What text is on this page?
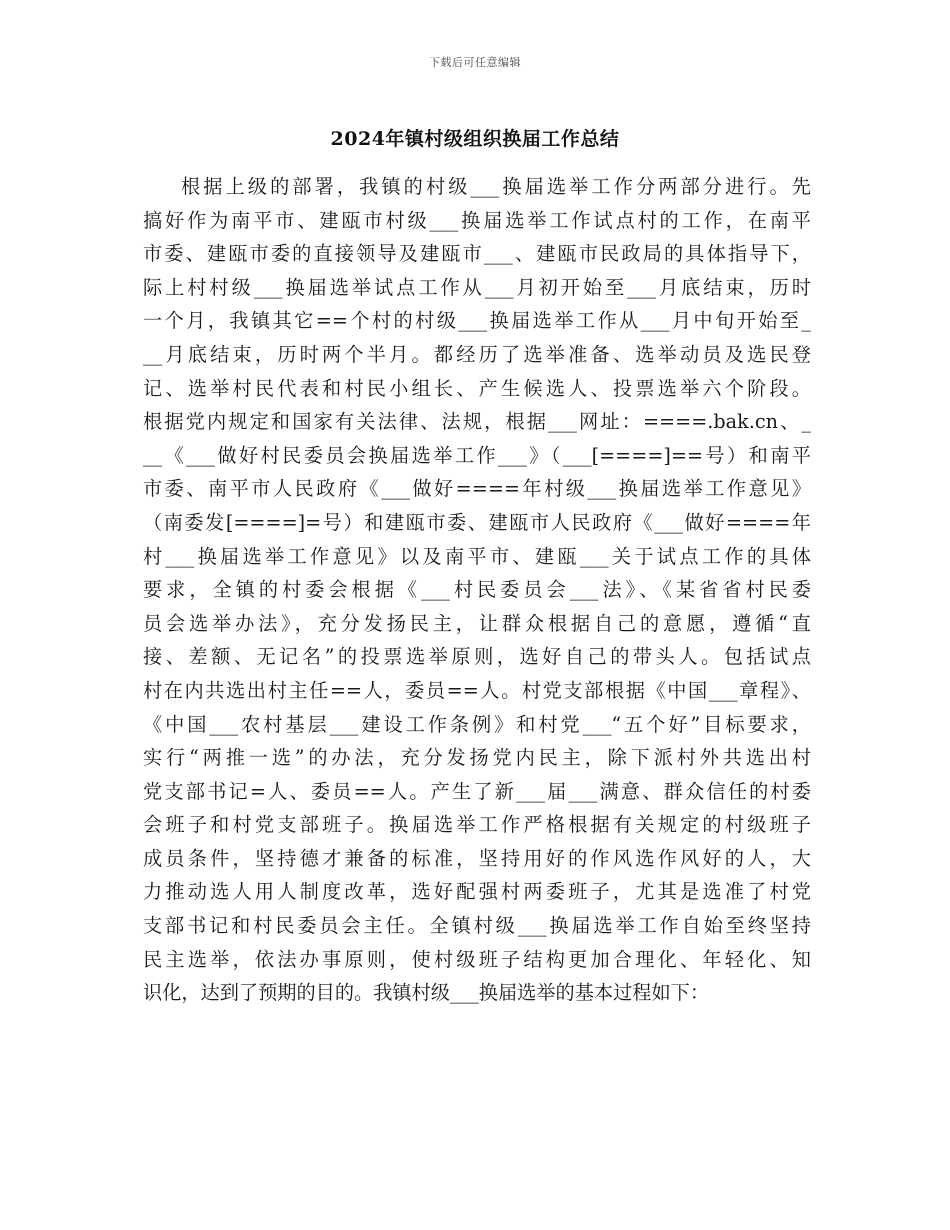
下载后可任意编辑
2024年镇村级组织换届工作总结
根据上级的部署，我镇的村级___换届选举工作分两部分进行。先
搞好作为南平市、建瓯市村级___换届选举工作试点村的工作，在南平
市委、建瓯市委的直接领导及建瓯市___、建瓯市民政局的具体指导下，
际上村村级___换届选举试点工作从___月初开始至___月底结束，历时
一个月，我镇其它==个村的村级___换届选举工作从___月中旬开始至_
__月底结束，历时两个半月。都经历了选举准备、选举动员及选民登
记、选举村民代表和村民小组长、产生候选人、投票选举六个阶段。
根据党内规定和国家有关法律、法规，根据___网址：====.bak.cn、_
__《___做好村民委员会换届选举工作___》（___[====]==号）和南平
市委、南平市人民政府《___做好====年村级___换届选举工作意见》
（南委发[====]=号）和建瓯市委、建瓯市人民政府《___做好====年
村___换届选举工作意见》以及南平市、建瓯___关于试点工作的具体
要求，全镇的村委会根据《___村民委员会___法》、《某省省村民委
员会选举办法》，充分发扬民主，让群众根据自己的意愿，遵循“直
接、差额、无记名”的投票选举原则，选好自己的带头人。包括试点
村在内共选出村主任==人，委员==人。村党支部根据《中国___章程》、
《中国___农村基层___建设工作条例》和村党___“五个好”目标要求，
实行“两推一选”的办法，充分发扬党内民主，除下派村外共选出村
党支部书记=人、委员==人。产生了新___届___满意、群众信任的村委
会班子和村党支部班子。换届选举工作严格根据有关规定的村级班子
成员条件，坚持德才兼备的标准，坚持用好的作风选作风好的人，大
力推动选人用人制度改革，选好配强村两委班子，尤其是选准了村党
支部书记和村民委员会主任。全镇村级___换届选举工作自始至终坚持
民主选举，依法办事原则，使村级班子结构更加合理化、年轻化、知
识化，达到了预期的目的。我镇村级___换届选举的基本过程如下：
